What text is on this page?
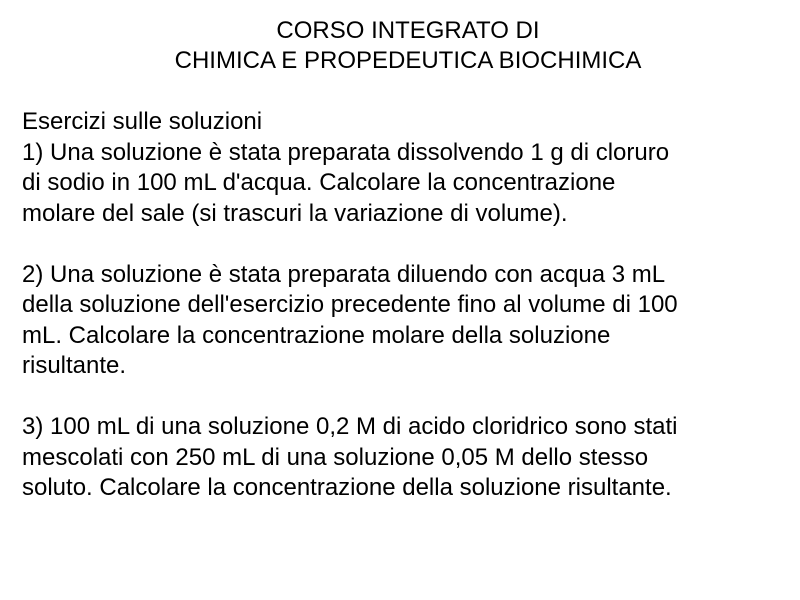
CORSO INTEGRATO DI
CHIMICA E PROPEDEUTICA BIOCHIMICA
Esercizi sulle soluzioni
1) Una soluzione è stata preparata dissolvendo 1 g di cloruro
di sodio in 100 mL d'acqua. Calcolare la concentrazione
molare del sale (si trascuri la variazione di volume).
2) Una soluzione è stata preparata diluendo con acqua 3 mL
della soluzione dell'esercizio precedente fino al volume di 100
mL. Calcolare la concentrazione molare della soluzione
risultante.
3) 100 mL di una soluzione 0,2 M di acido cloridrico sono stati
mescolati con 250 mL di una soluzione 0,05 M dello stesso
soluto. Calcolare la concentrazione della soluzione risultante.
